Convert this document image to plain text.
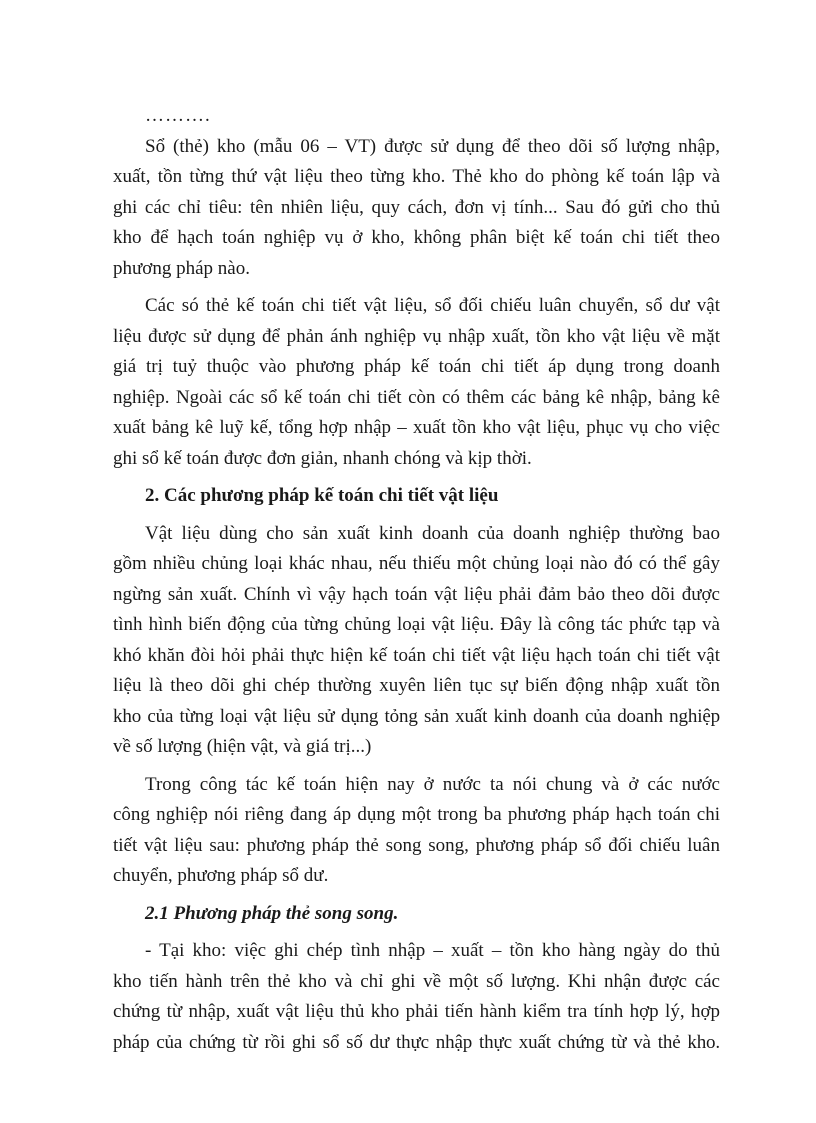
……….

Sổ (thẻ) kho (mẫu 06 – VT) được sử dụng để theo dõi số lượng nhập,
xuất, tồn từng thứ vật liệu theo từng kho. Thẻ kho do phòng kế toán lập và
ghi các chỉ tiêu: tên nhiên liệu, quy cách, đơn vị tính... Sau đó gửi cho thủ
kho để hạch toán nghiệp vụ ở kho, không phân biệt kế toán chi tiết theo
phương pháp nào.
Các só thẻ kế toán chi tiết vật liệu, sổ đối chiếu luân chuyển, sổ dư vật
liệu được sử dụng để phản ánh nghiệp vụ nhập xuất, tồn kho vật liệu về mặt
giá trị tuỷ thuộc vào phương pháp kế toán chi tiết áp dụng trong doanh
nghiệp. Ngoài các sổ kế toán chi tiết còn có thêm các bảng kê nhập, bảng kê
xuất bảng kê luỹ kế, tổng hợp nhập – xuất tồn kho vật liệu, phục vụ cho việc
ghi sổ kế toán được đơn giản, nhanh chóng và kịp thời.
2. Các phương pháp kế toán chi tiết vật liệu
Vật liệu dùng cho sản xuất kinh doanh của doanh nghiệp thường bao
gồm nhiều chủng loại khác nhau, nếu thiếu một chủng loại nào đó có thể gây
ngừng sản xuất. Chính vì vậy hạch toán vật liệu phải đảm bảo theo dõi được
tình hình biến động của từng chủng loại vật liệu. Đây là công tác phức tạp và
khó khăn đòi hỏi phải thực hiện kế toán chi tiết vật liệu hạch toán chi tiết vật
liệu là theo dõi ghi chép thường xuyên liên tục sự biến động nhập xuất tồn
kho của từng loại vật liệu sử dụng tỏng sản xuất kinh doanh của doanh nghiệp
về số lượng (hiện vật, và giá trị...)
Trong công tác kế toán hiện nay ở nước ta nói chung và ở các nước
công nghiệp nói riêng đang áp dụng một trong ba phương pháp hạch toán chi
tiết vật liệu sau: phương pháp thẻ song song, phương pháp sổ đối chiếu luân
chuyển, phương pháp sổ dư.
2.1 Phương pháp thẻ song song.
- Tại kho: việc ghi chép tình nhập – xuất – tồn kho hàng ngày do thủ
kho tiến hành trên thẻ kho và chỉ ghi về một số lượng. Khi nhận được các
chứng từ nhập, xuất vật liệu thủ kho phải tiến hành kiểm tra tính hợp lý, hợp
pháp của chứng từ rồi ghi sổ số dư thực nhập thực xuất chứng từ và thẻ kho.
